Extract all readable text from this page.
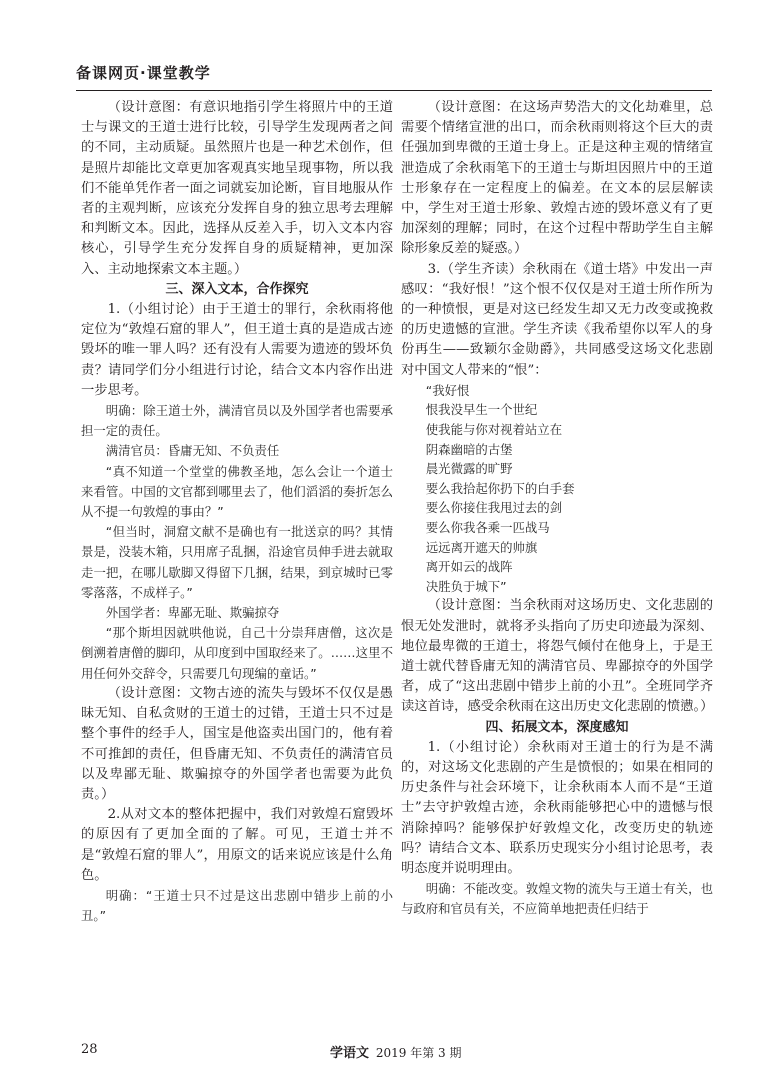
备课网页·课堂教学

（设计意图：有意识地指引学生将照片中的王道士与课文的王道士进行比较，引导学生发现两者之间的不同，主动质疑。虽然照片也是一种艺术创作，但是照片却能比文章更加客观真实地呈现事物，所以我们不能单凭作者一面之词就妄加论断，盲目地服从作者的主观判断，应该充分发挥自身的独立思考去理解和判断文本。因此，选择从反差入手，切入文本内容核心，引导学生充分发挥自身的质疑精神，更加深入、主动地探索文本主题。）

三、深入文本，合作探究

1.（小组讨论）由于王道士的罪行，余秋雨将他定位为“敦煌石窟的罪人”，但王道士真的是造成古迹毁坏的唯一罪人吗？还有没有人需要为遗迹的毁坏负责？请同学们分小组进行讨论，结合文本内容作出进一步思考。

明确：除王道士外，满清官员以及外国学者也需要承担一定的责任。

满清官员：昏庸无知、不负责任

“真不知道一个堂堂的佛教圣地，怎么会让一个道士来看管。中国的文官都到哪里去了，他们滔滔的奏折怎么从不提一句敦煌的事由？”

“但当时，洞窟文献不是确也有一批送京的吗？其情景是，没装木箱，只用席子乱捆，沿途官员伸手进去就取走一把，在哪儿歇脚又得留下几捆，结果，到京城时已零零落落，不成样子。”

外国学者：卑鄙无耻、欺骗掠夺

“那个斯坦因就哄他说，自己十分崇拜唐僧，这次是倒溯着唐僧的脚印，从印度到中国取经来了。……这里不用任何外交辞令，只需要几句现编的童话。”

（设计意图：文物古迹的流失与毁坏不仅仅是愚昧无知、自私贪财的王道士的过错，王道士只不过是整个事件的经手人，国宝是他盗卖出国门的，他有着不可推卸的责任，但昏庸无知、不负责任的满清官员以及卑鄙无耻、欺骗掠夺的外国学者也需要为此负责。）

2.从对文本的整体把握中，我们对敦煌石窟毁坏的原因有了更加全面的了解。可见，王道士并不是“敦煌石窟的罪人”，用原文的话来说应该是什么角色。

明确：“王道士只不过是这出悲剧中错步上前的小丑。”

（设计意图：在这场声势浩大的文化劫难里，总需要个情绪宣泄的出口，而余秋雨则将这个巨大的责任强加到卑微的王道士身上。正是这种主观的情绪宣泄造成了余秋雨笔下的王道士与斯坦因照片中的王道士形象存在一定程度上的偏差。在文本的层层解读中，学生对王道士形象、敦煌古迹的毁坏意义有了更加深刻的理解；同时，在这个过程中帮助学生自主解除形象反差的疑惑。）

3.（学生齐读）余秋雨在《道士塔》中发出一声感叹：“我好恨！”这个恨不仅仅是对王道士所作所为的一种愤恨，更是对这已经发生却又无力改变或挽救的历史遗憾的宣泄。学生齐读《我希望你以军人的身份再生——致颖尔金勋爵》，共同感受这场文化悲剧对中国文人带来的“恨”：

“我好恨

恨我没早生一个世纪

使我能与你对视着站立在

阴森幽暗的古堡

晨光微露的旷野

要么我拾起你扔下的白手套

要么你接住我甩过去的剑

要么你我各乘一匹战马

远远离开遮天的帅旗

离开如云的战阵

决胜负于城下”

（设计意图：当余秋雨对这场历史、文化悲剧的恨无处发泄时，就将矛头指向了历史印迹最为深刻、地位最卑微的王道士，将怨气倾付在他身上，于是王道士就代替昏庸无知的满清官员、卑鄙掠夺的外国学者，成了“这出悲剧中错步上前的小丑”。全班同学齐读这首诗，感受余秋雨在这出历史文化悲剧的愤懑。）

四、拓展文本，深度感知

1.（小组讨论）余秋雨对王道士的行为是不满的，对这场文化悲剧的产生是愤恨的；如果在相同的历史条件与社会环境下，让余秋雨本人而不是“王道士”去守护敦煌古迹，余秋雨能够把心中的遗憾与恨消除掉吗？能够保护好敦煌文化，改变历史的轨迹吗？请结合文本、联系历史现实分小组讨论思考，表明态度并说明理由。

明确：不能改变。敦煌文物的流失与王道士有关，也与政府和官员有关，不应简单地把责任归结于

28	学语文 2019 年第 3 期
